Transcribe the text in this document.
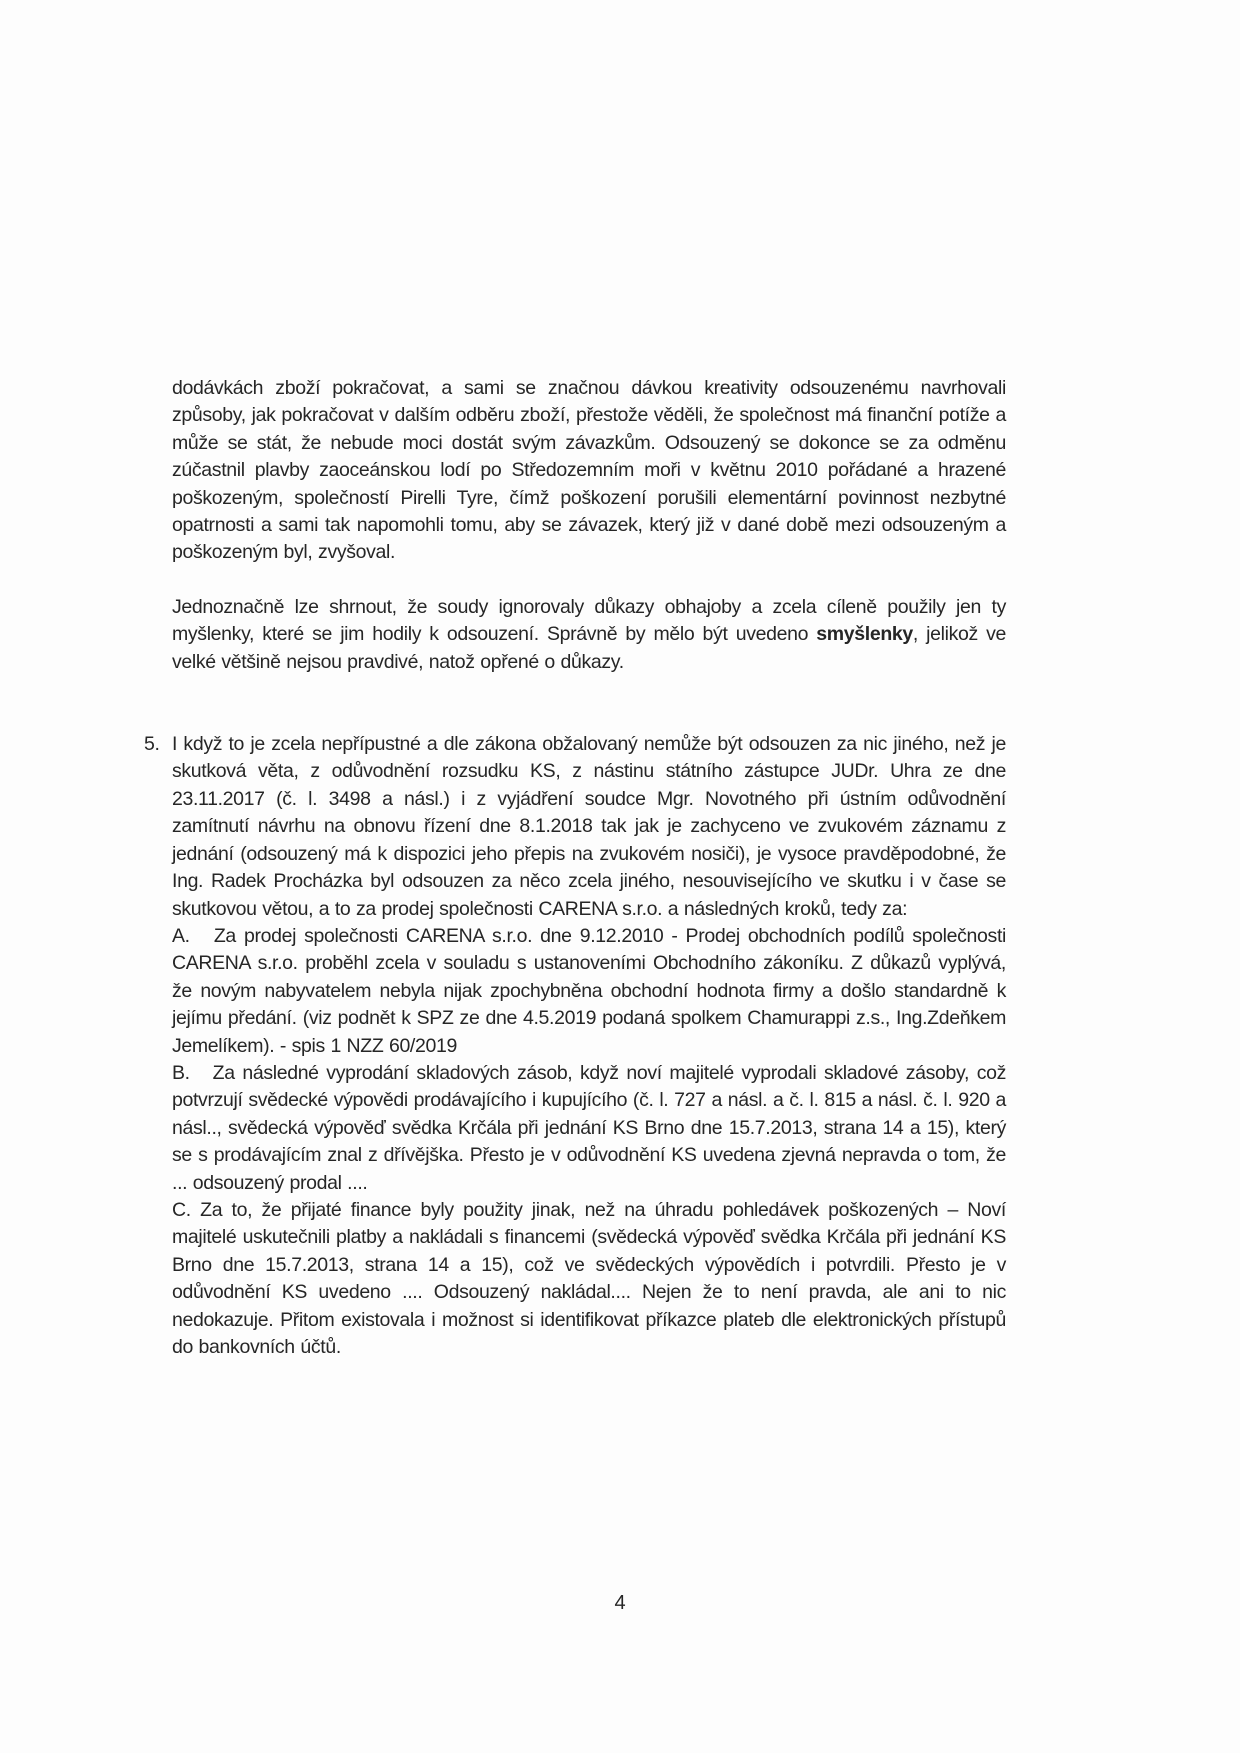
dodávkách zboží pokračovat, a sami se značnou dávkou kreativity odsouzenému navrhovali způsoby, jak pokračovat v dalším odběru zboží, přestože věděli, že společnost má finanční potíže a může se stát, že nebude moci dostát svým závazkům. Odsouzený se dokonce se za odměnu zúčastnil plavby zaoceánskou lodí po Středozemním moři v květnu 2010 pořádané a hrazené poškozeným, společností Pirelli Tyre, čímž poškození porušili elementární povinnost nezbytné opatrnosti a sami tak napomohli tomu, aby se závazek, který již v dané době mezi odsouzeným a poškozeným byl, zvyšoval.

Jednoznačně lze shrnout, že soudy ignorovaly důkazy obhajoby a zcela cíleně použily jen ty myšlenky, které se jim hodily k odsouzení. Správně by mělo být uvedeno smyšlenky, jelikož ve velké většině nejsou pravdivé, natož opřené o důkazy.

5. I když to je zcela nepřípustné a dle zákona obžalovaný nemůže být odsouzen za nic jiného, než je skutková věta, z odůvodnění rozsudku KS, z nástinu státního zástupce JUDr. Uhra ze dne 23.11.2017 (č. l. 3498 a násl.) i z vyjádření soudce Mgr. Novotného při ústním odůvodnění zamítnutí návrhu na obnovu řízení dne 8.1.2018 tak jak je zachyceno ve zvukovém záznamu z jednání (odsouzený má k dispozici jeho přepis na zvukovém nosiči), je vysoce pravděpodobné, že Ing. Radek Procházka byl odsouzen za něco zcela jiného, nesouvisejícího ve skutku i v čase se skutkovou větou, a to za prodej společnosti CARENA s.r.o. a následných kroků, tedy za:

A. Za prodej společnosti CARENA s.r.o. dne 9.12.2010 - Prodej obchodních podílů společnosti CARENA s.r.o. proběhl zcela v souladu s ustanoveními Obchodního zákoníku. Z důkazů vyplývá, že novým nabyvatelem nebyla nijak zpochybněna obchodní hodnota firmy a došlo standardně k jejímu předání. (viz podnět k SPZ ze dne 4.5.2019 podaná spolkem Chamurappi z.s., Ing.Zdeňkem Jemelíkem). - spis 1 NZZ 60/2019

B. Za následné vyprodání skladových zásob, když noví majitelé vyprodali skladové zásoby, což potvrzují svědecké výpovědi prodávajícího i kupujícího (č. l. 727 a násl. a č. l. 815 a násl. č. l. 920 a násl.., svědecká výpověď svědka Krčála při jednání KS Brno dne 15.7.2013, strana 14 a 15), který se s prodávajícím znal z dřívějška. Přesto je v odůvodnění KS uvedena zjevná nepravda o tom, že ... odsouzený prodal ....

C. Za to, že přijaté finance byly použity jinak, než na úhradu pohledávek poškozených – Noví majitelé uskutečnili platby a nakládali s financemi (svědecká výpověď svědka Krčála při jednání KS Brno dne 15.7.2013, strana 14 a 15), což ve svědeckých výpovědích i potvrdili. Přesto je v odůvodnění KS uvedeno .... Odsouzený nakládal.... Nejen že to není pravda, ale ani to nic nedokazuje. Přitom existovala i možnost si identifikovat příkazce plateb dle elektronických přístupů do bankovních účtů.

4
